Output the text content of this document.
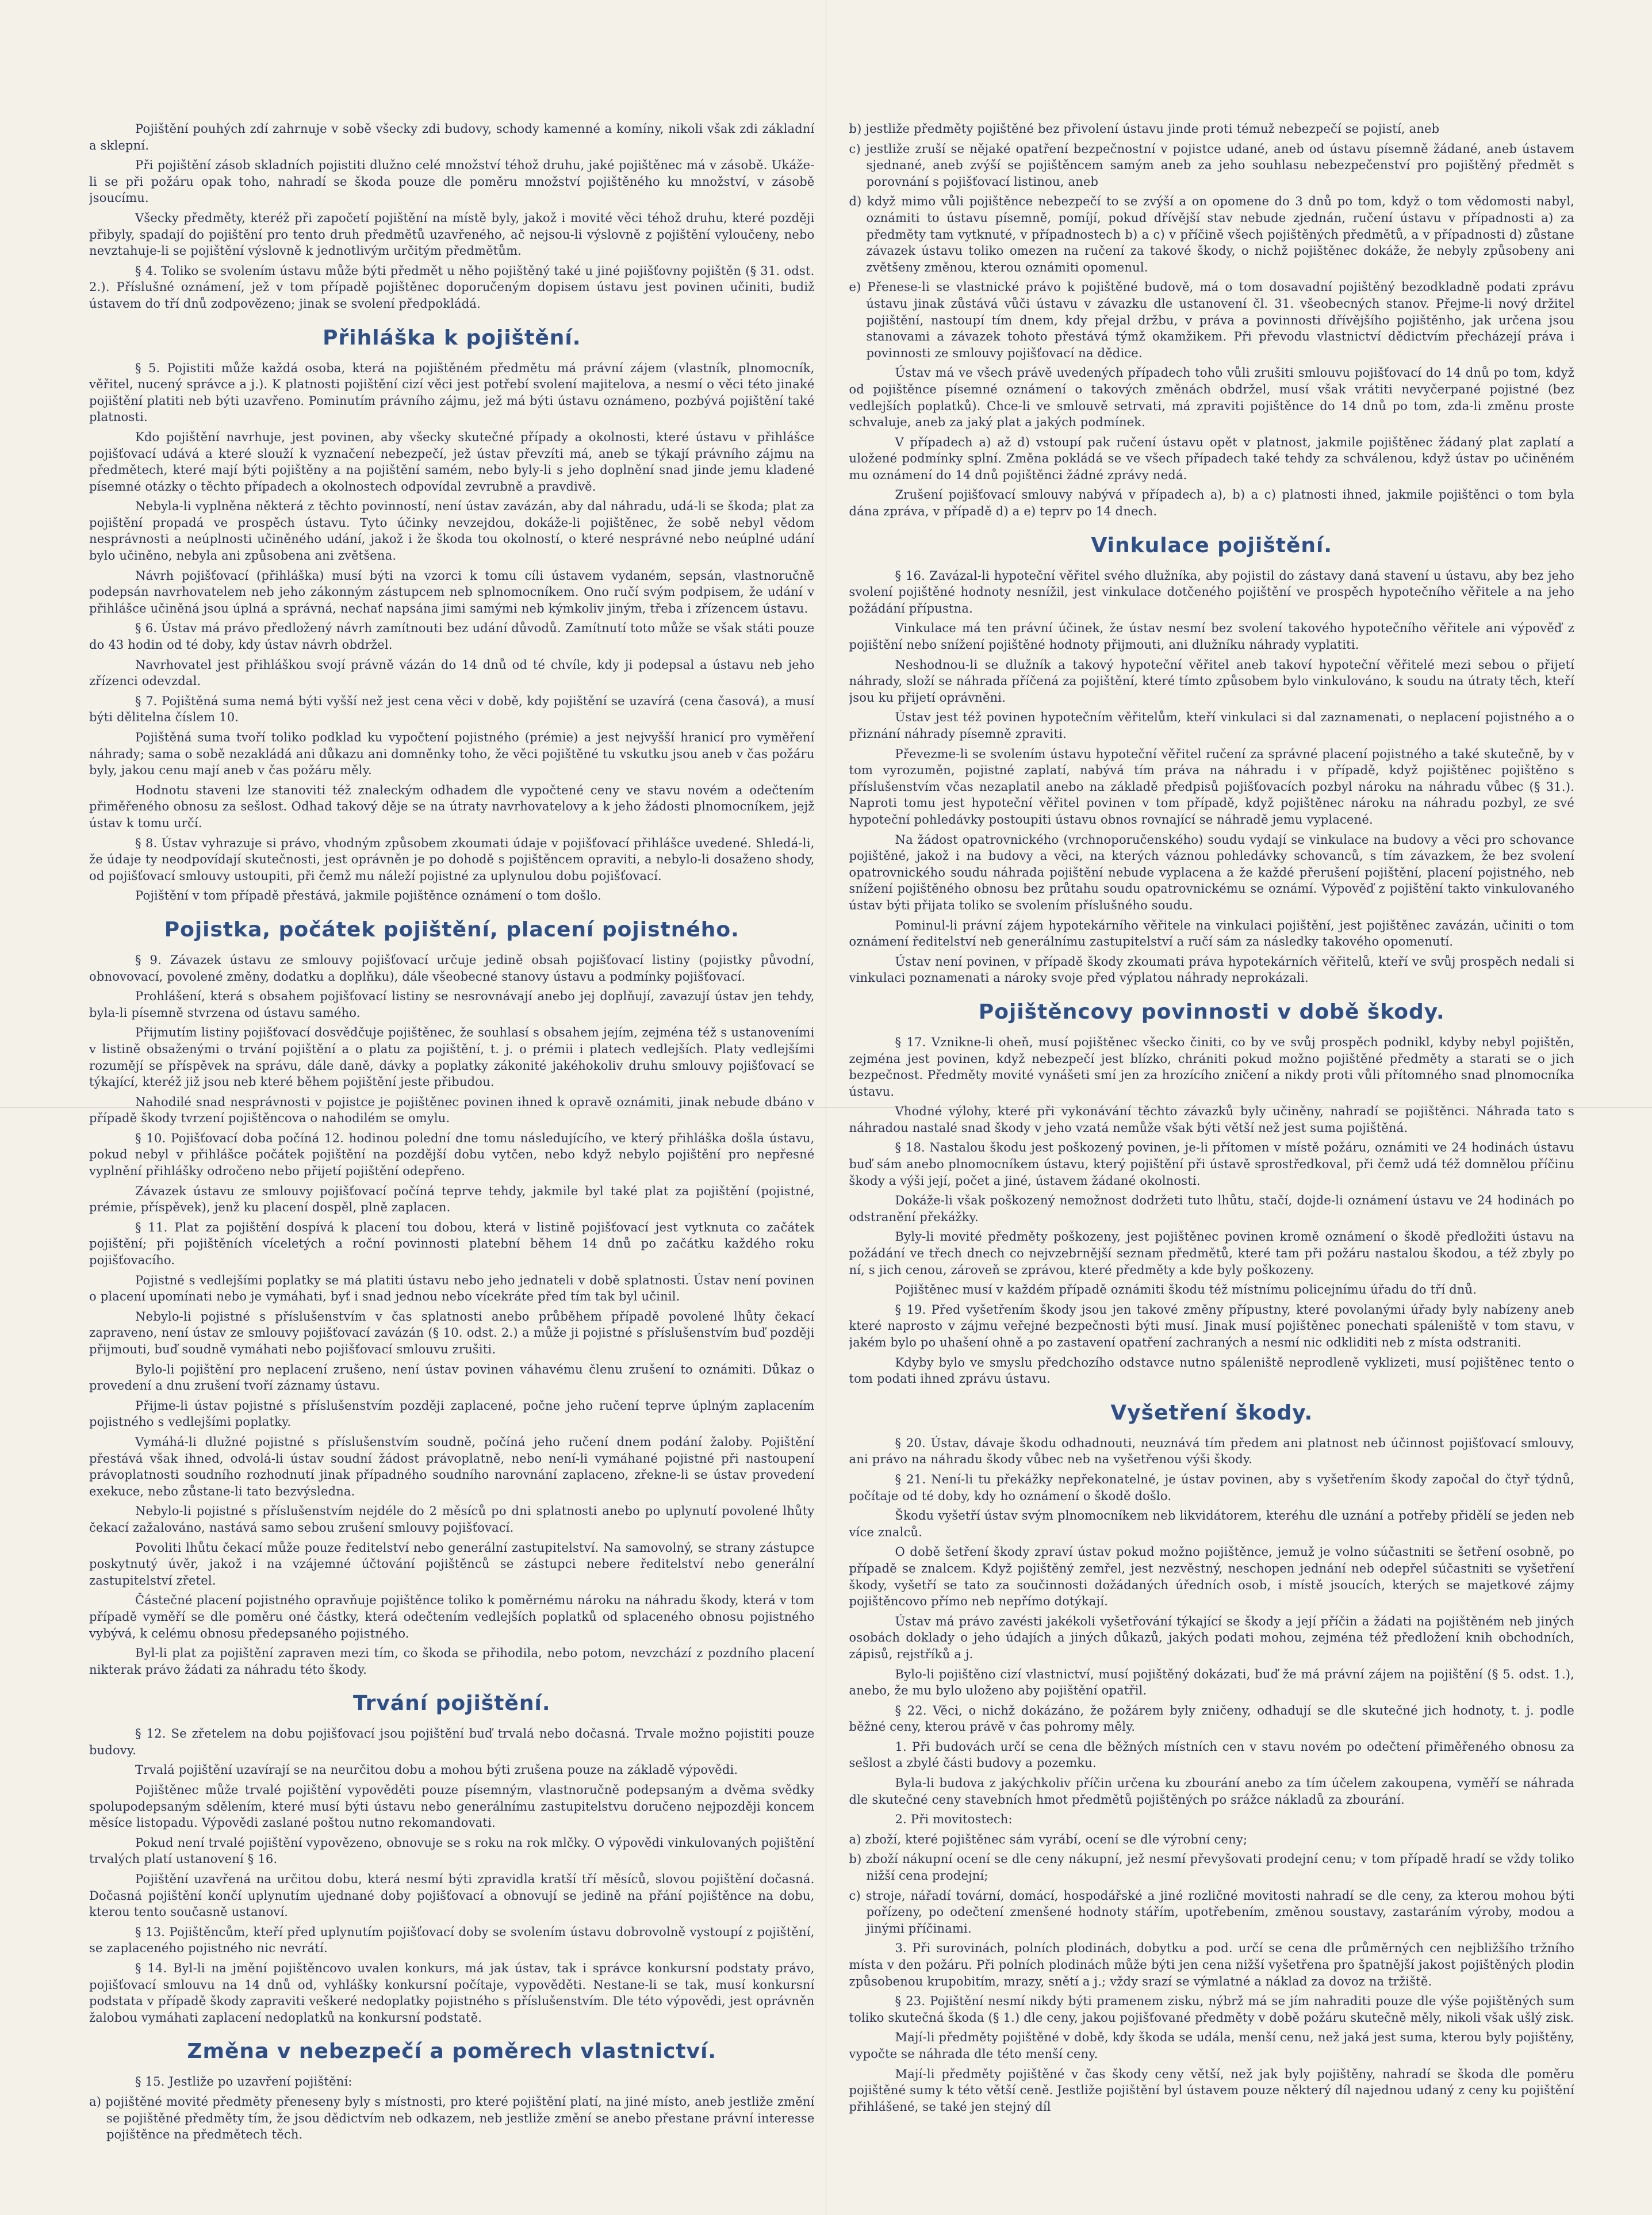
Pojištění pouhých zdí zahrnuje v sobě všecky zdi budovy, schody kamenné a komíny, nikoli však zdi základní a sklepní.

Při pojištění zásob skladních pojistiti dlužno celé množství téhož druhu, jaké pojištěnec má v zásobě. Ukáže-li se při požáru opak toho, nahradí se škoda pouze dle poměru množství pojištěného ku množství, v zásobě jsoucímu.

Všecky předměty, kteréž při započetí pojištění na místě byly, jakož i movité věci téhož druhu, které později přibyly, spadají do pojištění pro tento druh předmětů uzavřeného, ač nejsou-li výslovně z pojištění vyloučeny, nebo nevztahuje-li se pojištění výslovně k jednotlivým určitým předmětům.

§ 4. Toliko se svolením ústavu může býti předmět u něho pojištěný také u jiné pojišťovny pojištěn (§ 31. odst. 2.). Příslušné oznámení, jež v tom případě pojištěnec doporučeným dopisem ústavu jest povinen učiniti, budiž ústavem do tří dnů zodpovězeno; jinak se svolení předpokládá.

Přihláška k pojištění.

§ 5. Pojistiti může každá osoba, která na pojištěném předmětu má právní zájem (vlastník, plnomocník, věřitel, nucený správce a j.). K platnosti pojištění cizí věci jest potřebí svolení majitelova, a nesmí o věci této jinaké pojištění platiti neb býti uzavřeno. Pominutím právního zájmu, jež má býti ústavu oznámeno, pozbývá pojištění také platnosti.

Kdo pojištění navrhuje, jest povinen, aby všecky skutečné případy a okolnosti, které ústavu v přihlášce pojišťovací udává a které slouží k vyznačení nebezpečí, jež ústav převzíti má, aneb se týkají právního zájmu na předmětech, které mají býti pojištěny a na pojištění samém, nebo byly-li s jeho doplnění snad jinde jemu kladené písemné otázky o těchto případech a okolnostech odpovídal zevrubně a pravdivě.

Nebyla-li vyplněna některá z těchto povinností, není ústav zavázán, aby dal náhradu, udá-li se škoda; plat za pojištění propadá ve prospěch ústavu. Tyto účinky nevzejdou, dokáže-li pojištěnec, že sobě nebyl vědom nesprávnosti a neúplnosti učiněného udání, jakož i že škoda tou okolností, o které nesprávné nebo neúplné udání bylo učiněno, nebyla ani způsobena ani zvětšena.

Návrh pojišťovací (přihláška) musí býti na vzorci k tomu cíli ústavem vydaném, sepsán, vlastnoručně podepsán navrhovatelem neb jeho zákonným zástupcem neb splnomocníkem. Ono ručí svým podpisem, že udání v přihlášce učiněná jsou úplná a správná, nechať napsána jimi samými neb kýmkoliv jiným, třeba i zřízencem ústavu.

§ 6. Ústav má právo předložený návrh zamítnouti bez udání důvodů. Zamítnutí toto může se však státi pouze do 43 hodin od té doby, kdy ústav návrh obdržel.

Navrhovatel jest přihláškou svojí právně vázán do 14 dnů od té chvíle, kdy ji podepsal a ústavu neb jeho zřízenci odevzdal.

§ 7. Pojištěná suma nemá býti vyšší než jest cena věci v době, kdy pojištění se uzavírá (cena časová), a musí býti dělitelna číslem 10.

Pojištěná suma tvoří toliko podklad ku vypočtení pojistného (prémie) a jest nejvyšší hranicí pro vyměření náhrady; sama o sobě nezakládá ani důkazu ani domněnky toho, že věci pojištěné tu vskutku jsou aneb v čas požáru byly, jakou cenu mají aneb v čas požáru měly.

Hodnotu staveni lze stanoviti též znaleckým odhadem dle vypočtené ceny ve stavu novém a odečtením přiměřeného obnosu za sešlost. Odhad takový děje se na útraty navrhovatelovy a k jeho žádosti plnomocníkem, jejž ústav k tomu určí.

§ 8. Ústav vyhrazuje si právo, vhodným způsobem zkoumati údaje v pojišťovací přihlášce uvedené. Shledá-li, že údaje ty neodpovídají skutečnosti, jest oprávněn je po dohodě s pojištěncem opraviti, a nebylo-li dosaženo shody, od pojišťovací smlouvy ustoupiti, při čemž mu náleží pojistné za uplynulou dobu pojišťovací.

Pojištění v tom případě přestává, jakmile pojištěnce oznámení o tom došlo.

Pojistka, počátek pojištění, placení pojistného.

§ 9. Závazek ústavu ze smlouvy pojišťovací určuje jedině obsah pojišťovací listiny (pojistky původní, obnovovací, povolené změny, dodatku a doplňku), dále všeobecné stanovy ústavu a podmínky pojišťovací.

Prohlášení, která s obsahem pojišťovací listiny se nesrovnávají anebo jej doplňují, zavazují ústav jen tehdy, byla-li písemně stvrzena od ústavu samého.

Přijmutím listiny pojišťovací dosvědčuje pojištěnec, že souhlasí s obsahem jejím, zejména též s ustanoveními v listině obsaženými o trvání pojištění a o platu za pojištění, t. j. o prémii i platech vedlejších. Platy vedlejšími rozumějí se příspěvek na správu, dále daně, dávky a poplatky zákonité jakéhokoliv druhu smlouvy pojišťovací se týkající, kteréž již jsou neb které během pojištění jeste přibudou.

Nahodilé snad nesprávnosti v pojistce je pojištěnec povinen ihned k opravě oznámiti, jinak nebude dbáno v případě škody tvrzení pojištěncova o nahodilém se omylu.

§ 10. Pojišťovací doba počíná 12. hodinou polední dne tomu následujícího, ve který přihláška došla ústavu, pokud nebyl v přihlášce počátek pojištění na pozdější dobu vytčen, nebo když nebylo pojištění pro nepřesné vyplnění přihlášky odročeno nebo přijetí pojištění odepřeno.

Závazek ústavu ze smlouvy pojišťovací počíná teprve tehdy, jakmile byl také plat za pojištění (pojistné, prémie, příspěvek), jenž ku placení dospěl, plně zaplacen.

§ 11. Plat za pojištění dospívá k placení tou dobou, která v listině pojišťovací jest vytknuta co začátek pojištění; při pojištěních víceletých a roční povinnosti platební během 14 dnů po začátku každého roku pojišťovacího.

Pojistné s vedlejšími poplatky se má platiti ústavu nebo jeho jednateli v době splatnosti. Ústav není povinen o placení upomínati nebo je vymáhati, byť i snad jednou nebo vícekráte před tím tak byl učinil.

Nebylo-li pojistné s příslušenstvím v čas splatnosti anebo průběhem případě povolené lhůty čekací zapraveno, není ústav ze smlouvy pojišťovací zavázán (§ 10. odst. 2.) a může ji pojistné s příslušenstvím buď později přijmouti, buď soudně vymáhati nebo pojišťovací smlouvu zrušiti.

Bylo-li pojištění pro neplacení zrušeno, není ústav povinen váhavému členu zrušení to oznámiti. Důkaz o provedení a dnu zrušení tvoří záznamy ústavu.

Přijme-li ústav pojistné s příslušenstvím později zaplacené, počne jeho ručení teprve úplným zaplacením pojistného s vedlejšími poplatky.

Vymáhá-li dlužné pojistné s příslušenstvím soudně, počíná jeho ručení dnem podání žaloby. Pojištění přestává však ihned, odvolá-li ústav soudní žádost právoplatně, nebo není-li vymáhané pojistné při nastoupení právoplatnosti soudního rozhodnutí jinak případného soudního narovnání zaplaceno, zřekne-li se ústav provedení exekuce, nebo zůstane-li tato bezvýsledna.

Nebylo-li pojistné s příslušenstvím nejdéle do 2 měsíců po dni splatnosti anebo po uplynutí povolené lhůty čekací zažalováno, nastává samo sebou zrušení smlouvy pojišťovací.

Povoliti lhůtu čekací může pouze ředitelství nebo generální zastupitelství. Na samovolný, se strany zástupce poskytnutý úvěr, jakož i na vzájemné účtování pojištěnců se zástupci nebere ředitelství nebo generální zastupitelství zřetel.

Částečné placení pojistného opravňuje pojištěnce toliko k poměrnému nároku na náhradu škody, která v tom případě vyměří se dle poměru oné částky, která odečtením vedlejších poplatků od splaceného obnosu pojistného vybývá, k celému obnosu předepsaného pojistného.

Byl-li plat za pojištění zapraven mezi tím, co škoda se přihodila, nebo potom, nevzchází z pozdního placení nikterak právo žádati za náhradu této škody.

Trvání pojištění.

§ 12. Se zřetelem na dobu pojišťovací jsou pojištění buď trvalá nebo dočasná. Trvale možno pojistiti pouze budovy.

Trvalá pojištění uzavírají se na neurčitou dobu a mohou býti zrušena pouze na základě výpovědi.

Pojištěnec může trvalé pojištění vypověděti pouze písemným, vlastnoručně podepsaným a dvěma svědky spolupodepsaným sdělením, které musí býti ústavu nebo generálnímu zastupitelstvu doručeno nejpozději koncem měsíce listopadu. Výpovědi zaslané poštou nutno rekomandovati.

Pokud není trvalé pojištění vypovězeno, obnovuje se s roku na rok mlčky. O výpovědi vinkulovaných pojištění trvalých platí ustanovení § 16.

Pojištění uzavřená na určitou dobu, která nesmí býti zpravidla kratší tří měsíců, slovou pojištění dočasná. Dočasná pojištění končí uplynutím ujednané doby pojišťovací a obnovují se jedině na přání pojištěnce na dobu, kterou tento současně ustanoví.

§ 13. Pojištěncům, kteří před uplynutím pojišťovací doby se svolením ústavu dobrovolně vystoupí z pojištění, se zaplaceného pojistného nic nevrátí.

§ 14. Byl-li na jmění pojištěncovo uvalen konkurs, má jak ústav, tak i správce konkursní podstaty právo, pojišťovací smlouvu na 14 dnů od, vyhlášky konkursní počítaje, vypověděti. Nestane-li se tak, musí konkursní podstata v případě škody zapraviti veškeré nedoplatky pojistného s příslušenstvím. Dle této výpovědi, jest oprávněn žalobou vymáhati zaplacení nedoplatků na konkursní podstatě.

Změna v nebezpečí a poměrech vlastnictví.

§ 15. Jestliže po uzavření pojištění:

a) pojištěné movité předměty přeneseny byly s místnosti, pro které pojištění platí, na jiné místo, aneb jestliže změní se pojištěné předměty tím, že jsou dědictvím neb odkazem, neb jestliže změní se anebo přestane právní interesse pojištěnce na předmětech těch.

b) jestliže předměty pojištěné bez přivolení ústavu jinde proti témuž nebezpečí se pojistí, aneb

c) jestliže zruší se nějaké opatření bezpečnostní v pojistce udané, aneb od ústavu písemně žádané, aneb ústavem sjednané, aneb zvýší se pojištěncem samým aneb za jeho souhlasu nebezpečenství pro pojištěný předmět s porovnání s pojišťovací listinou, aneb

d) když mimo vůli pojištěnce nebezpečí to se zvýší a on opomene do 3 dnů po tom, když o tom vědomosti nabyl, oznámiti to ústavu písemně, pomíjí, pokud dřívější stav nebude zjednán, ručení ústavu v případnosti a) za předměty tam vytknuté, v případnostech b) a c) v příčině všech pojištěných předmětů, a v případnosti d) zůstane závazek ústavu toliko omezen na ručení za takové škody, o nichž pojištěnec dokáže, že nebyly způsobeny ani zvětšeny změnou, kterou oznámiti opomenul.

e) Přenese-li se vlastnické právo k pojištěné budově, má o tom dosavadní pojištěný bezodkladně podati zprávu ústavu jinak zůstává vůči ústavu v závazku dle ustanovení čl. 31. všeobecných stanov. Přejme-li nový držitel pojištění, nastoupí tím dnem, kdy přejal držbu, v práva a povinnosti dřívějšího pojištěnho, jak určena jsou stanovami a závazek tohoto přestává týmž okamžikem. Při převodu vlastnictví dědictvím přecházejí práva i povinnosti ze smlouvy pojišťovací na dědice.

Ústav má ve všech právě uvedených případech toho vůli zrušiti smlouvu pojišťovací do 14 dnů po tom, když od pojištěnce písemné oznámení o takových změnách obdržel, musí však vrátiti nevyčerpané pojistné (bez vedlejších poplatků). Chce-li ve smlouvě setrvati, má zpraviti pojištěnce do 14 dnů po tom, zda-li změnu proste schvaluje, aneb za jaký plat a jakých podmínek.

V případech a) až d) vstoupí pak ručení ústavu opět v platnost, jakmile pojištěnec žádaný plat zaplatí a uložené podmínky splní. Změna pokládá se ve všech případech také tehdy za schválenou, když ústav po učiněném mu oznámení do 14 dnů pojištěnci žádné zprávy nedá.

Zrušení pojišťovací smlouvy nabývá v případech a), b) a c) platnosti ihned, jakmile pojištěnci o tom byla dána zpráva, v případě d) a e) teprv po 14 dnech.

Vinkulace pojištění.

§ 16. Zavázal-li hypoteční věřitel svého dlužníka, aby pojistil do zástavy daná stavení u ústavu, aby bez jeho svolení pojištěné hodnoty nesnížil, jest vinkulace dotčeného pojištění ve prospěch hypotečního věřitele a na jeho požádání přípustna.

Vinkulace má ten právní účinek, že ústav nesmí bez svolení takového hypotečního věřitele ani výpověď z pojištění nebo snížení pojištěné hodnoty přijmouti, ani dlužníku náhrady vyplatiti.

Neshodnou-li se dlužník a takový hypoteční věřitel aneb takoví hypoteční věřitelé mezi sebou o přijetí náhrady, složí se náhrada příčená za pojištění, které tímto způsobem bylo vinkulováno, k soudu na útraty těch, kteří jsou ku přijetí oprávněni.

Ústav jest též povinen hypotečním věřitelům, kteří vinkulaci si dal zaznamenati, o neplacení pojistného a o přiznání náhrady písemně zpraviti.

Převezme-li se svolením ústavu hypoteční věřitel ručení za správné placení pojistného a také skutečně, by v tom vyrozuměn, pojistné zaplatí, nabývá tím práva na náhradu i v případě, když pojištěnec pojištěno s příslušenstvím včas nezaplatil anebo na základě předpisů pojišťovacích pozbyl nároku na náhradu vůbec (§ 31.). Naproti tomu jest hypoteční věřitel povinen v tom případě, když pojištěnec nároku na náhradu pozbyl, ze své hypoteční pohledávky postoupiti ústavu obnos rovnající se náhradě jemu vyplacené.

Na žádost opatrovnického (vrchnoporučenského) soudu vydají se vinkulace na budovy a věci pro schovance pojištěné, jakož i na budovy a věci, na kterých váznou pohledávky schovanců, s tím závazkem, že bez svolení opatrovnického soudu náhrada pojištění nebude vyplacena a že každé přerušení pojištění, placení pojistného, neb snížení pojištěného obnosu bez průtahu soudu opatrovnickému se oznámí. Výpověď z pojištění takto vinkulovaného ústav býti přijata toliko se svolením příslušného soudu.

Pominul-li právní zájem hypotekárního věřitele na vinkulaci pojištění, jest pojištěnec zavázán, učiniti o tom oznámení ředitelství neb generálnímu zastupitelství a ručí sám za následky takového opomenutí.

Ústav není povinen, v případě škody zkoumati práva hypotekárních věřitelů, kteří ve svůj prospěch nedali si vinkulaci poznamenati a nároky svoje před výplatou náhrady neprokázali.

Pojištěncovy povinnosti v době škody.

§ 17. Vznikne-li oheň, musí pojištěnec všecko činiti, co by ve svůj prospěch podnikl, kdyby nebyl pojištěn, zejména jest povinen, když nebezpečí jest blízko, chrániti pokud možno pojištěné předměty a starati se o jich bezpečnost. Předměty movité vynášeti smí jen za hrozícího zničení a nikdy proti vůli přítomného snad plnomocníka ústavu.

Vhodné výlohy, které při vykonávání těchto závazků byly učiněny, nahradí se pojištěnci. Náhrada tato s náhradou nastalé snad škody v jeho vzatá nemůže však býti větší než jest suma pojištěná.

§ 18. Nastalou škodu jest poškozený povinen, je-li přítomen v místě požáru, oznámiti ve 24 hodinách ústavu buď sám anebo plnomocníkem ústavu, který pojištění při ústavě sprostředkoval, při čemž udá též domnělou příčinu škody a výši její, počet a jiné, ústavem žádané okolnosti.

Dokáže-li však poškozený nemožnost dodržeti tuto lhůtu, stačí, dojde-li oznámení ústavu ve 24 hodinách po odstranění překážky.

Byly-li movité předměty poškozeny, jest pojištěnec povinen kromě oznámení o škodě předložiti ústavu na požádání ve třech dnech co nejvzebrnější seznam předmětů, které tam při požáru nastalou škodou, a též zbyly po ní, s jich cenou, zároveň se zprávou, které předměty a kde byly poškozeny.

Pojištěnec musí v každém případě oznámiti škodu též místnímu policejnímu úřadu do tří dnů.

§ 19. Před vyšetřením škody jsou jen takové změny přípustny, které povolanými úřady byly nabízeny aneb které naprosto v zájmu veřejné bezpečnosti býti musí. Jinak musí pojištěnec ponechati spáleniště v tom stavu, v jakém bylo po uhašení ohně a po zastavení opatření zachraných a nesmí nic odkliditi neb z místa odstraniti.

Kdyby bylo ve smyslu předchozího odstavce nutno spáleniště neprodleně vyklizeti, musí pojištěnec tento o tom podati ihned zprávu ústavu.

Vyšetření škody.

§ 20. Ústav, dávaje škodu odhadnouti, neuznává tím předem ani platnost neb účinnost pojišťovací smlouvy, ani právo na náhradu škody vůbec neb na vyšetřenou výši škody.

§ 21. Není-li tu překážky nepřekonatelné, je ústav povinen, aby s vyšetřením škody započal do čtyř týdnů, počítaje od té doby, kdy ho oznámení o škodě došlo.

Škodu vyšetří ústav svým plnomocníkem neb likvidátorem, kteréhu dle uznání a potřeby přidělí se jeden neb více znalců.

O době šetření škody zpraví ústav pokud možno pojištěnce, jemuž je volno súčastniti se šetření osobně, po případě se znalcem. Když pojištěný zemřel, jest nezvěstný, neschopen jednání neb odepřel súčastniti se vyšetření škody, vyšetří se tato za součinnosti dožádaných úředních osob, i místě jsoucích, kterých se majetkové zájmy pojištěncovo přímo neb nepřímo dotýkají.

Ústav má právo zavésti jakékoli vyšetřování týkající se škody a její příčin a žádati na pojištěném neb jiných osobách doklady o jeho údajích a jiných důkazů, jakých podati mohou, zejména též předložení knih obchodních, zápisů, rejstříků a j.

Bylo-li pojištěno cizí vlastnictví, musí pojištěný dokázati, buď že má právní zájem na pojištění (§ 5. odst. 1.), anebo, že mu bylo uloženo aby pojištění opatřil.

§ 22. Věci, o nichž dokázáno, že požárem byly zničeny, odhadují se dle skutečné jich hodnoty, t. j. podle běžné ceny, kterou právě v čas pohromy měly.

1. Při budovách určí se cena dle běžných místních cen v stavu novém po odečtení přiměřeného obnosu za sešlost a zbylé části budovy a pozemku.

Byla-li budova z jakýchkoliv příčin určena ku zbourání anebo za tím účelem zakoupena, vyměří se náhrada dle skutečné ceny stavebních hmot předmětů pojištěných po srážce nákladů za zbourání.

2. Při movitostech:

a) zboží, které pojištěnec sám vyrábí, ocení se dle výrobní ceny;

b) zboží nákupní ocení se dle ceny nákupní, jež nesmí převyšovati prodejní cenu; v tom případě hradí se vždy toliko nižší cena prodejní;

c) stroje, nářadí tovární, domácí, hospodářské a jiné rozličné movitosti nahradí se dle ceny, za kterou mohou býti pořízeny, po odečtení zmenšené hodnoty stářím, upotřebením, změnou soustavy, zastaráním výroby, modou a jinými příčinami.

3. Při surovinách, polních plodinách, dobytku a pod. určí se cena dle průměrných cen nejbližšího tržního místa v den požáru. Při polních plodinách může býti jen cena nižší vyšetřena pro špatnější jakost pojištěných plodin způsobenou krupobitím, mrazy, snětí a j.; vždy srazí se výmlatné a náklad za dovoz na tržiště.

§ 23. Pojištění nesmí nikdy býti pramenem zisku, nýbrž má se jím nahraditi pouze dle výše pojištěných sum toliko skutečná škoda (§ 1.) dle ceny, jakou pojišťované předměty v době požáru skutečně měly, nikoli však ušlý zisk.

Mají-li předměty pojištěné v době, kdy škoda se udála, menší cenu, než jaká jest suma, kterou byly pojištěny, vypočte se náhrada dle této menší ceny.

Mají-li předměty pojištěné v čas škody ceny větší, než jak byly pojištěny, nahradí se škoda dle poměru pojištěné sumy k této větší ceně. Jestliže pojištění byl ústavem pouze některý díl najednou udaný z ceny ku pojištění přihlášené, se také jen stejný díl
